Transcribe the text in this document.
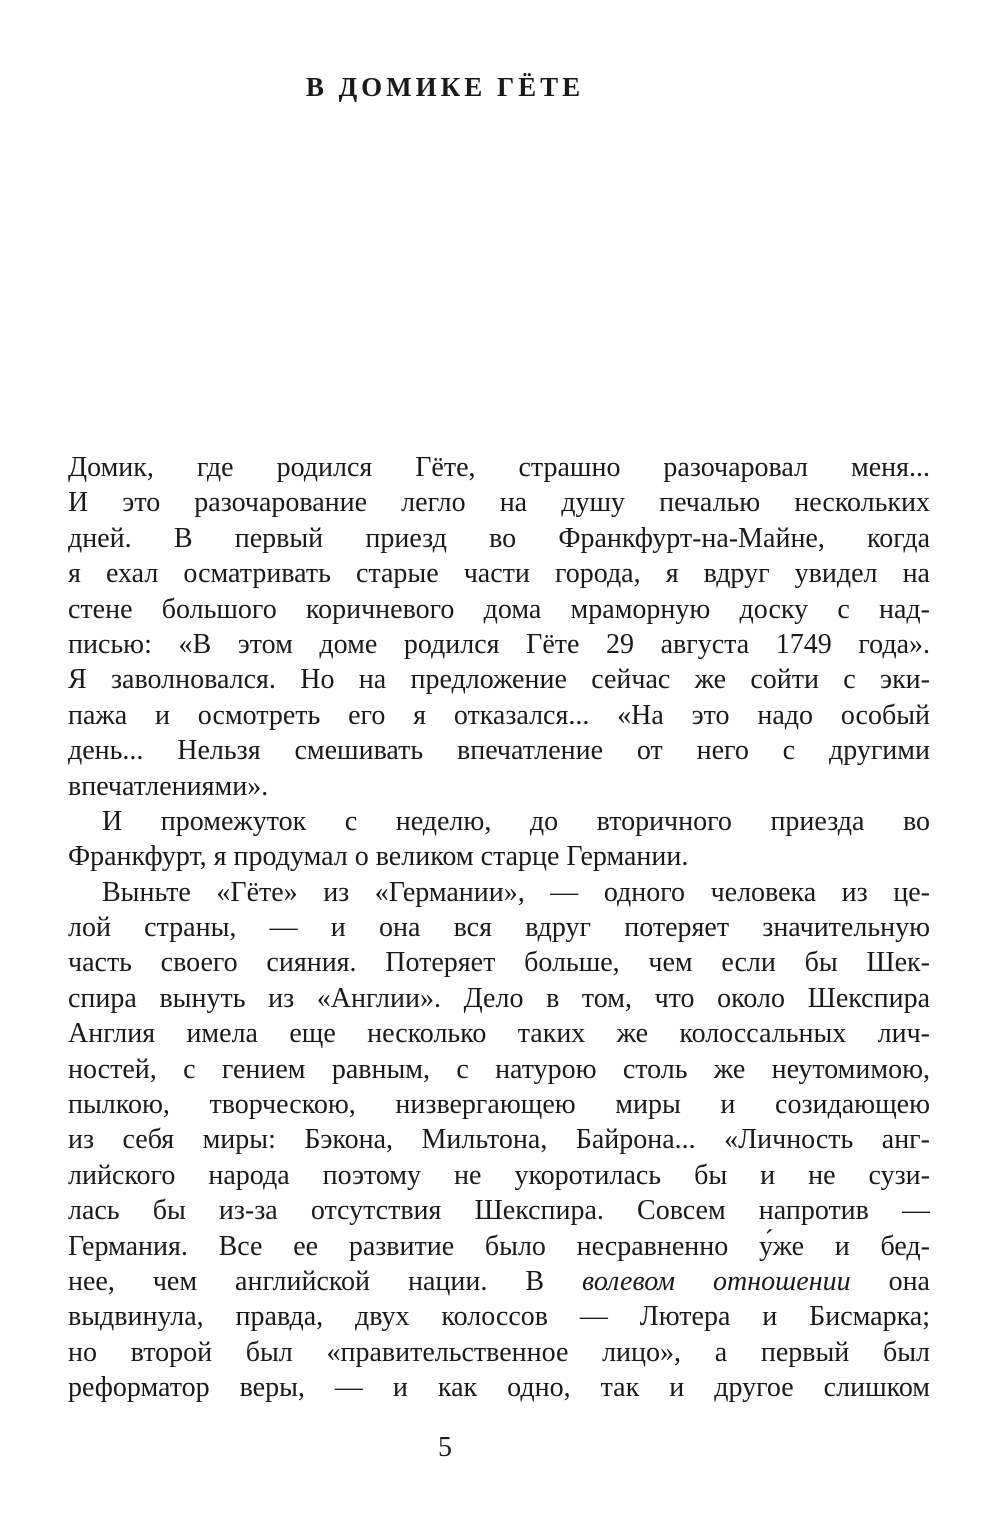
В ДОМИКЕ ГЁТЕ
Домик, где родился Гёте, страшно разочаровал меня...
И это разочарование легло на душу печалью нескольких
дней. В первый приезд во Франкфурт-на-Майне, когда
я ехал осматривать старые части города, я вдруг увидел на
стене большого коричневого дома мраморную доску с над-
писью: «В этом доме родился Гёте 29 августа 1749 года».
Я заволновался. Но на предложение сейчас же сойти с эки-
пажа и осмотреть его я отказался... «На это надо особый
день... Нельзя смешивать впечатление от него с другими
впечатлениями».
И промежуток с неделю, до вторичного приезда во
Франкфурт, я продумал о великом старце Германии.
Выньте «Гёте» из «Германии», — одного человека из це-
лой страны, — и она вся вдруг потеряет значительную
часть своего сияния. Потеряет больше, чем если бы Шек-
спира вынуть из «Англии». Дело в том, что около Шекспира
Англия имела еще несколько таких же колоссальных лич-
ностей, с гением равным, с натурою столь же неутомимою,
пылкою, творческою, низвергающею миры и созидающею
из себя миры: Бэкона, Мильтона, Байрона... «Личность анг-
лийского народа поэтому не укоротилась бы и не сузи-
лась бы из-за отсутствия Шекспира. Совсем напротив —
Германия. Все ее развитие было несравненно у́же и бед-
нее, чем английской нации. В волевом отношении она
выдвинула, правда, двух колоссов — Лютера и Бисмарка;
но второй был «правительственное лицо», а первый был
реформатор веры, — и как одно, так и другое слишком
5
